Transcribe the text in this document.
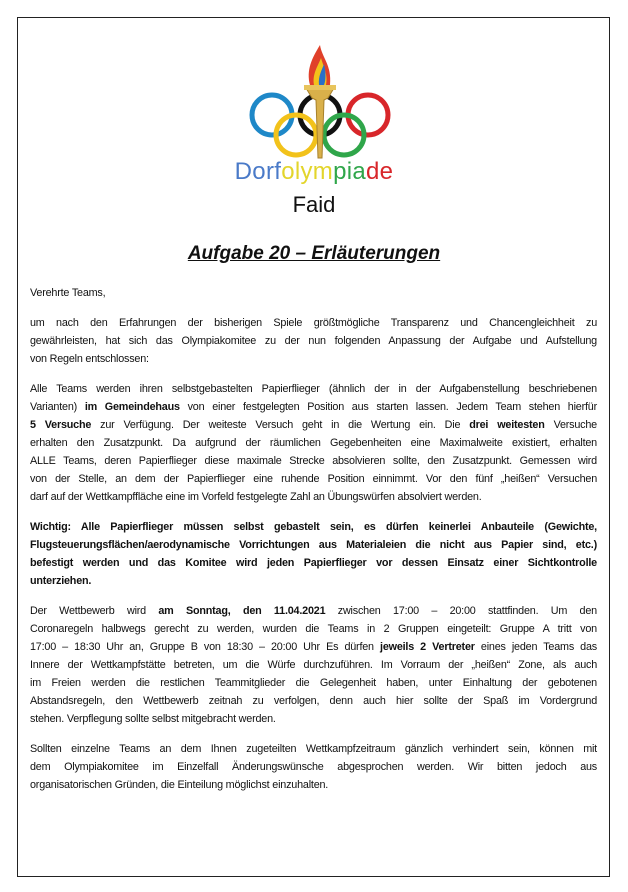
Dorfolympiade
Faid
Aufgabe 20 – Erläuterungen
Verehrte Teams,
um nach den Erfahrungen der bisherigen Spiele größtmögliche Transparenz und Chancengleichheit zu
gewährleisten, hat sich das Olympiakomitee zu der nun folgenden Anpassung der Aufgabe und Aufstellung
von Regeln entschlossen:
Alle Teams werden ihren selbstgebastelten Papierflieger (ähnlich der in der Aufgabenstellung beschriebenen
Varianten) im Gemeindehaus von einer festgelegten Position aus starten lassen. Jedem Team stehen hierfür
5 Versuche zur Verfügung. Der weiteste Versuch geht in die Wertung ein. Die drei weitesten Versuche
erhalten den Zusatzpunkt. Da aufgrund der räumlichen Gegebenheiten eine Maximalweite existiert, erhalten
ALLE Teams, deren Papierflieger diese maximale Strecke absolvieren sollte, den Zusatzpunkt. Gemessen wird
von der Stelle, an dem der Papierflieger eine ruhende Position einnimmt. Vor den fünf „heißen“ Versuchen
darf auf der Wettkampffläche eine im Vorfeld festgelegte Zahl an Übungswürfen absolviert werden.
Wichtig: Alle Papierflieger müssen selbst gebastelt sein, es dürfen keinerlei Anbauteile (Gewichte,
Flugsteuerungsflächen/aerodynamische Vorrichtungen aus Materialeien die nicht aus Papier sind, etc.)
befestigt werden und das Komitee wird jeden Papierflieger vor dessen Einsatz einer Sichtkontrolle
unterziehen.
Der Wettbewerb wird am Sonntag, den 11.04.2021 zwischen 17:00 – 20:00 stattfinden. Um den
Coronaregeln halbwegs gerecht zu werden, wurden die Teams in 2 Gruppen eingeteilt: Gruppe A tritt von
17:00 – 18:30 Uhr an, Gruppe B von 18:30 – 20:00 Uhr Es dürfen jeweils 2 Vertreter eines jeden Teams das
Innere der Wettkampfstätte betreten, um die Würfe durchzuführen. Im Vorraum der „heißen“ Zone, als auch
im Freien werden die restlichen Teammitglieder die Gelegenheit haben, unter Einhaltung der gebotenen
Abstandsregeln, den Wettbewerb zeitnah zu verfolgen, denn auch hier sollte der Spaß im Vordergrund
stehen. Verpflegung sollte selbst mitgebracht werden.
Sollten einzelne Teams an dem Ihnen zugeteilten Wettkampfzeitraum gänzlich verhindert sein, können mit
dem Olympiakomitee im Einzelfall Änderungswünsche abgesprochen werden. Wir bitten jedoch aus
organisatorischen Gründen, die Einteilung möglichst einzuhalten.
